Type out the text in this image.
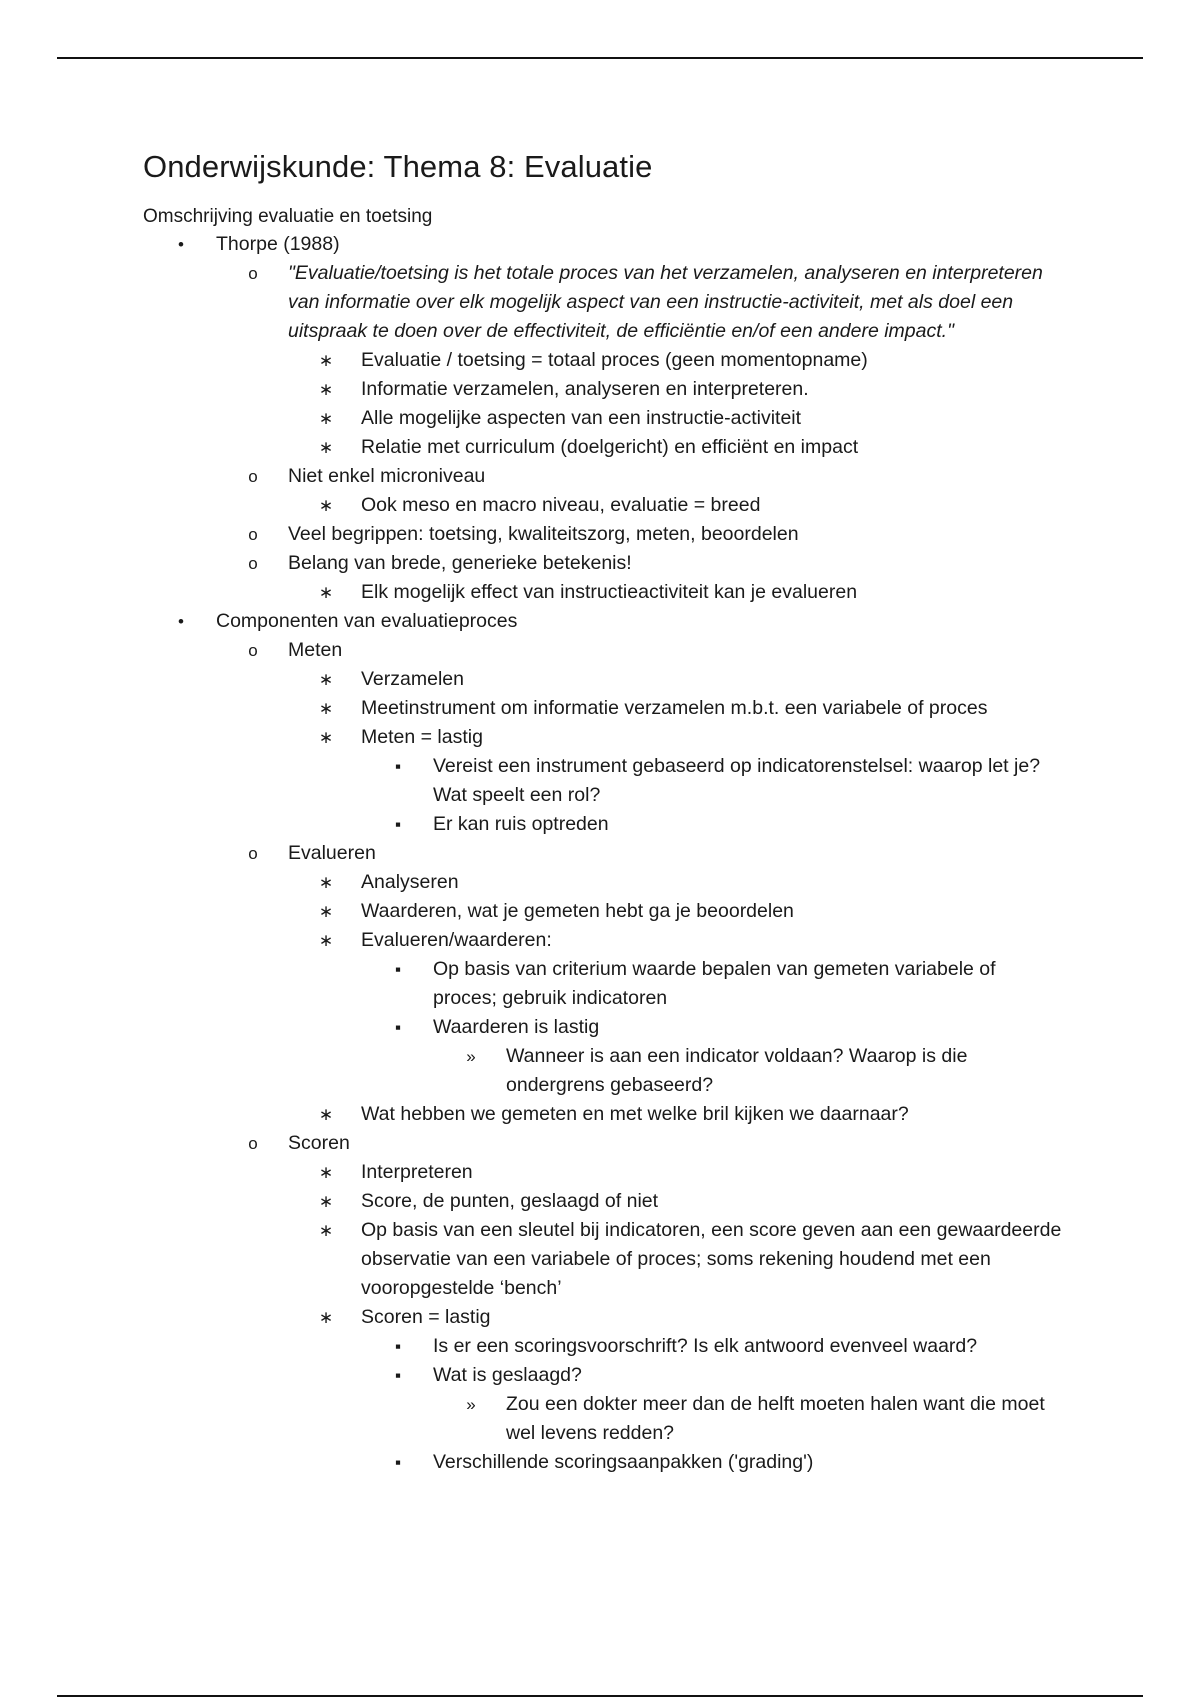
Onderwijskunde: Thema 8: Evaluatie
Omschrijving evaluatie en toetsing
•	Thorpe (1988)
o	"Evaluatie/toetsing is het totale proces van het verzamelen, analyseren en interpreteren van informatie over elk mogelijk aspect van een instructie-activiteit, met als doel een uitspraak te doen over de effectiviteit, de efficiëntie en/of een andere impact."
∗	Evaluatie / toetsing = totaal proces (geen momentopname)
∗	Informatie verzamelen, analyseren en interpreteren.
∗	Alle mogelijke aspecten van een instructie-activiteit
∗	Relatie met curriculum (doelgericht) en efficiënt en impact
o	Niet enkel microniveau
∗	Ook meso en macro niveau, evaluatie = breed
o	Veel begrippen: toetsing, kwaliteitszorg, meten, beoordelen
o	Belang van brede, generieke betekenis!
∗	Elk mogelijk effect van instructieactiviteit kan je evalueren
•	Componenten van evaluatieproces
o	Meten
∗	Verzamelen
∗	Meetinstrument om informatie verzamelen m.b.t. een variabele of proces
∗	Meten = lastig
▪	Vereist een instrument gebaseerd op indicatorenstelsel: waarop let je? Wat speelt een rol?
▪	Er kan ruis optreden
o	Evalueren
∗	Analyseren
∗	Waarderen, wat je gemeten hebt ga je beoordelen
∗	Evalueren/waarderen:
▪	Op basis van criterium waarde bepalen van gemeten variabele of proces; gebruik indicatoren
▪	Waarderen is lastig
»	Wanneer is aan een indicator voldaan? Waarop is die ondergrens gebaseerd?
∗	Wat hebben we gemeten en met welke bril kijken we daarnaar?
o	Scoren
∗	Interpreteren
∗	Score, de punten, geslaagd of niet
∗	Op basis van een sleutel bij indicatoren, een score geven aan een gewaardeerde observatie van een variabele of proces; soms rekening houdend met een vooropgestelde ‘bench’
∗	Scoren = lastig
▪	Is er een scoringsvoorschrift? Is elk antwoord evenveel waard?
▪	Wat is geslaagd?
»	Zou een dokter meer dan de helft moeten halen want die moet wel levens redden?
▪	Verschillende scoringsaanpakken ('grading')
